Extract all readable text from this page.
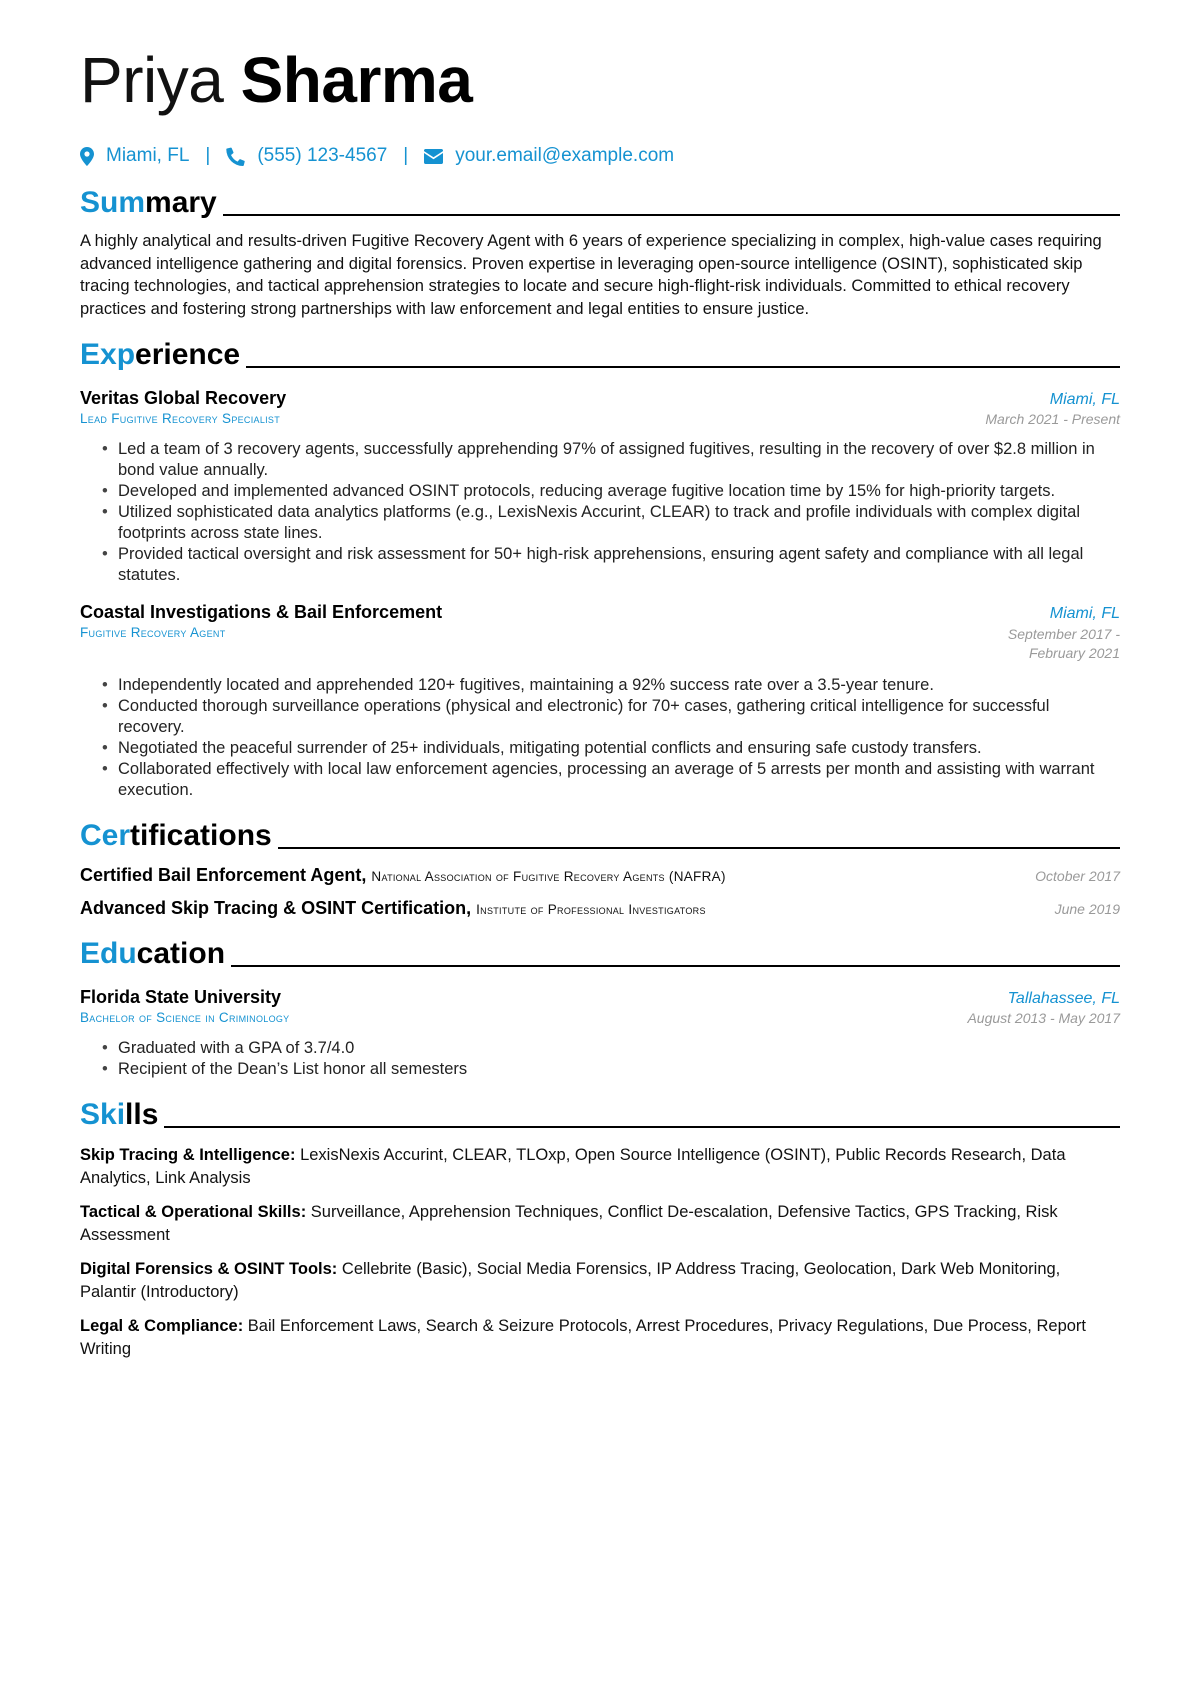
Priya Sharma
Miami, FL | (555) 123-4567 | your.email@example.com
Summary
A highly analytical and results-driven Fugitive Recovery Agent with 6 years of experience specializing in complex, high-value cases requiring advanced intelligence gathering and digital forensics. Proven expertise in leveraging open-source intelligence (OSINT), sophisticated skip tracing technologies, and tactical apprehension strategies to locate and secure high-flight-risk individuals. Committed to ethical recovery practices and fostering strong partnerships with law enforcement and legal entities to ensure justice.
Experience
Veritas Global Recovery	Miami, FL
Lead Fugitive Recovery Specialist	March 2021 - Present
• Led a team of 3 recovery agents, successfully apprehending 97% of assigned fugitives, resulting in the recovery of over $2.8 million in bond value annually.
• Developed and implemented advanced OSINT protocols, reducing average fugitive location time by 15% for high-priority targets.
• Utilized sophisticated data analytics platforms (e.g., LexisNexis Accurint, CLEAR) to track and profile individuals with complex digital footprints across state lines.
• Provided tactical oversight and risk assessment for 50+ high-risk apprehensions, ensuring agent safety and compliance with all legal statutes.
Coastal Investigations & Bail Enforcement	Miami, FL
Fugitive Recovery Agent	September 2017 - February 2021
• Independently located and apprehended 120+ fugitives, maintaining a 92% success rate over a 3.5-year tenure.
• Conducted thorough surveillance operations (physical and electronic) for 70+ cases, gathering critical intelligence for successful recovery.
• Negotiated the peaceful surrender of 25+ individuals, mitigating potential conflicts and ensuring safe custody transfers.
• Collaborated effectively with local law enforcement agencies, processing an average of 5 arrests per month and assisting with warrant execution.
Certifications
Certified Bail Enforcement Agent, National Association of Fugitive Recovery Agents (NAFRA)	October 2017
Advanced Skip Tracing & OSINT Certification, Institute of Professional Investigators	June 2019
Education
Florida State University	Tallahassee, FL
Bachelor of Science in Criminology	August 2013 - May 2017
• Graduated with a GPA of 3.7/4.0
• Recipient of the Dean’s List honor all semesters
Skills

Skip Tracing & Intelligence: LexisNexis Accurint, CLEAR, TLOxp, Open Source Intelligence (OSINT), Public Records Research, Data Analytics, Link Analysis

Tactical & Operational Skills: Surveillance, Apprehension Techniques, Conflict De-escalation, Defensive Tactics, GPS Tracking, Risk Assessment

Digital Forensics & OSINT Tools: Cellebrite (Basic), Social Media Forensics, IP Address Tracing, Geolocation, Dark Web Monitoring, Palantir (Introductory)

Legal & Compliance: Bail Enforcement Laws, Search & Seizure Protocols, Arrest Procedures, Privacy Regulations, Due Process, Report Writing
